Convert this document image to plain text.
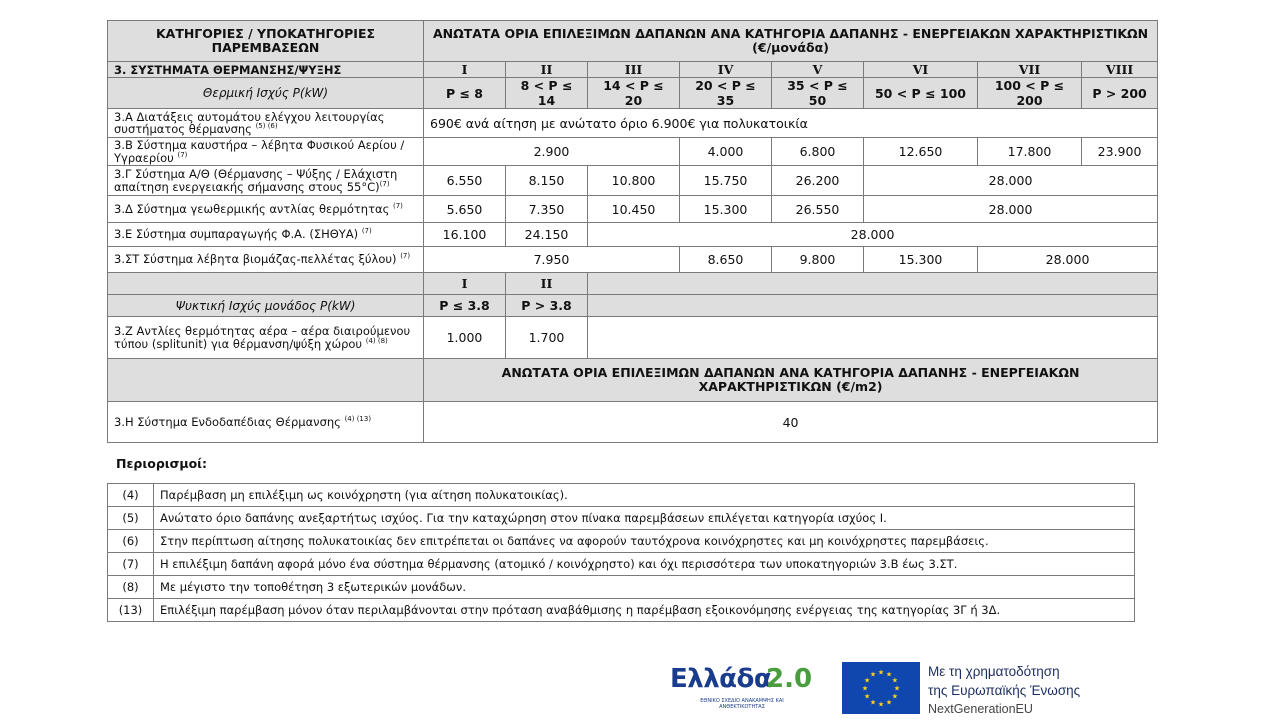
ΚΑΤΗΓΟΡΙΕΣ / ΥΠΟΚΑΤΗΓΟΡΙΕΣ ΠΑΡΕΜΒΑΣΕΩΝ	ΑΝΩΤΑΤΑ ΟΡΙΑ ΕΠΙΛΕΞΙΜΩΝ ΔΑΠΑΝΩΝ ΑΝΑ ΚΑΤΗΓΟΡΙΑ ΔΑΠΑΝΗΣ - ΕΝΕΡΓΕΙΑΚΩΝ ΧΑΡΑΚΤΗΡΙΣΤΙΚΩΝ
(€/μονάδα)							
3. ΣΥΣΤΗΜΑΤΑ ΘΕΡΜΑΝΣΗΣ/ΨΥΞΗΣ	I	II	III	IV	V	VI	VII	VIII
Θερμική Ισχύς P(kW)	P ≤ 8	8 < P ≤ 14	14 < P ≤ 20	20 < P ≤ 35	35 < P ≤ 50	50 < P ≤ 100	100 < P ≤ 200	P > 200
3.Α Διατάξεις αυτομάτου ελέγχου λειτουργίας συστήματος θέρμανσης $^{(5) (6)}$	690€ ανά αίτηση με ανώτατο όριο 6.900€ για πολυκατοικία							
3.Β Σύστημα καυστήρα – λέβητα Φυσικού Αερίου / Υγραερίου $^{(7)}$	2.900			4.000	6.800	12.650	17.800	23.900
3.Γ Σύστημα Α/Θ (Θέρμανσης – Ψύξης / Ελάχιστη απαίτηση ενεργειακής σήμανσης στους 55°C)$^{(7)}$	6.550	8.150	10.800	15.750	26.200	28.000		
3.Δ Σύστημα γεωθερμικής αντλίας θερμότητας $^{(7)}$	5.650	7.350	10.450	15.300	26.550	28.000		
3.Ε Σύστημα συμπαραγωγής Φ.Α. (ΣΗΘΥΑ) $^{(7)}$	16.100	24.150	28.000					
3.ΣΤ Σύστημα λέβητα βιομάζας-πελλέτας ξύλου) $^{(7)}$	7.950			8.650	9.800	15.300	28.000	
	I	II						
Ψυκτική Ισχύς μονάδος P(kW)	P ≤ 3.8	P > 3.8						
3.Ζ Αντλίες θερμότητας αέρα – αέρα διαιρούμενου τύπου (splitunit) για θέρμανση/ψύξη χώρου $^{(4) (8)}$	1.000	1.700						
	ΑΝΩΤΑΤΑ ΟΡΙΑ ΕΠΙΛΕΞΙΜΩΝ ΔΑΠΑΝΩΝ ΑΝΑ ΚΑΤΗΓΟΡΙΑ ΔΑΠΑΝΗΣ - ΕΝΕΡΓΕΙΑΚΩΝ
ΧΑΡΑΚΤΗΡΙΣΤΙΚΩΝ (€/m2)							
3.Η Σύστημα Ενδοδαπέδιας Θέρμανσης $^{(4) (13)}$	40							
Περιορισμοί:
(4)	Παρέμβαση μη επιλέξιμη ως κοινόχρηστη (για αίτηση πολυκατοικίας).
(5)	Ανώτατο όριο δαπάνης ανεξαρτήτως ισχύος. Για την καταχώρηση στον πίνακα παρεμβάσεων επιλέγεται κατηγορία ισχύος I.
(6)	Στην περίπτωση αίτησης πολυκατοικίας δεν επιτρέπεται οι δαπάνες να αφορούν ταυτόχρονα κοινόχρηστες και μη κοινόχρηστες παρεμβάσεις.
(7)	Η επιλέξιμη δαπάνη αφορά μόνο ένα σύστημα θέρμανσης (ατομικό / κοινόχρηστο) και όχι περισσότερα των υποκατηγοριών 3.Β έως 3.ΣΤ.
(8)	Με μέγιστο την τοποθέτηση 3 εξωτερικών μονάδων.
(13)	Επιλέξιμη παρέμβαση μόνον όταν περιλαμβάνονται στην πρόταση αναβάθμισης η παρέμβαση εξοικονόμησης ενέργειας της κατηγορίας 3Γ ή 3Δ.
Ελλάδα
2.0
ΕΘΝΙΚΟ ΣΧΕΔΙΟ ΑΝΑΚΑΜΨΗΣ ΚΑΙ ΑΝΘΕΚΤΙΚΟΤΗΤΑΣ
★ ★
★
★
★
★
★
★
★
★
★
★	Με τη χρηματοδότηση
της Ευρωπαϊκής Ένωσης
NextGenerationEU
